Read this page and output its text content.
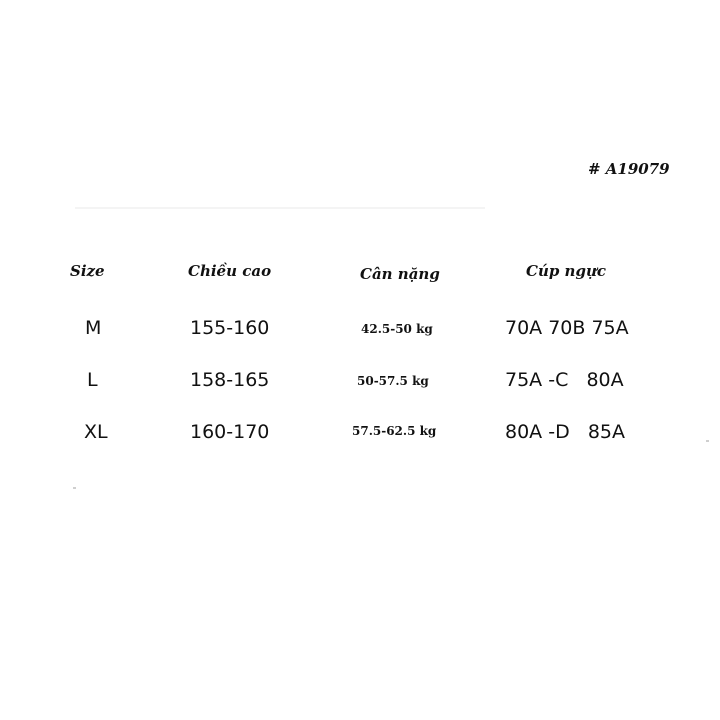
# A19079
Size	Chiều cao	Cân nặng	Cúp ngực
M	155-160	42.5-50 kg	70A 70B 75A
L	158-165	50-57.5 kg	75A -C   80A
XL	160-170	57.5-62.5 kg	80A -D   85A
